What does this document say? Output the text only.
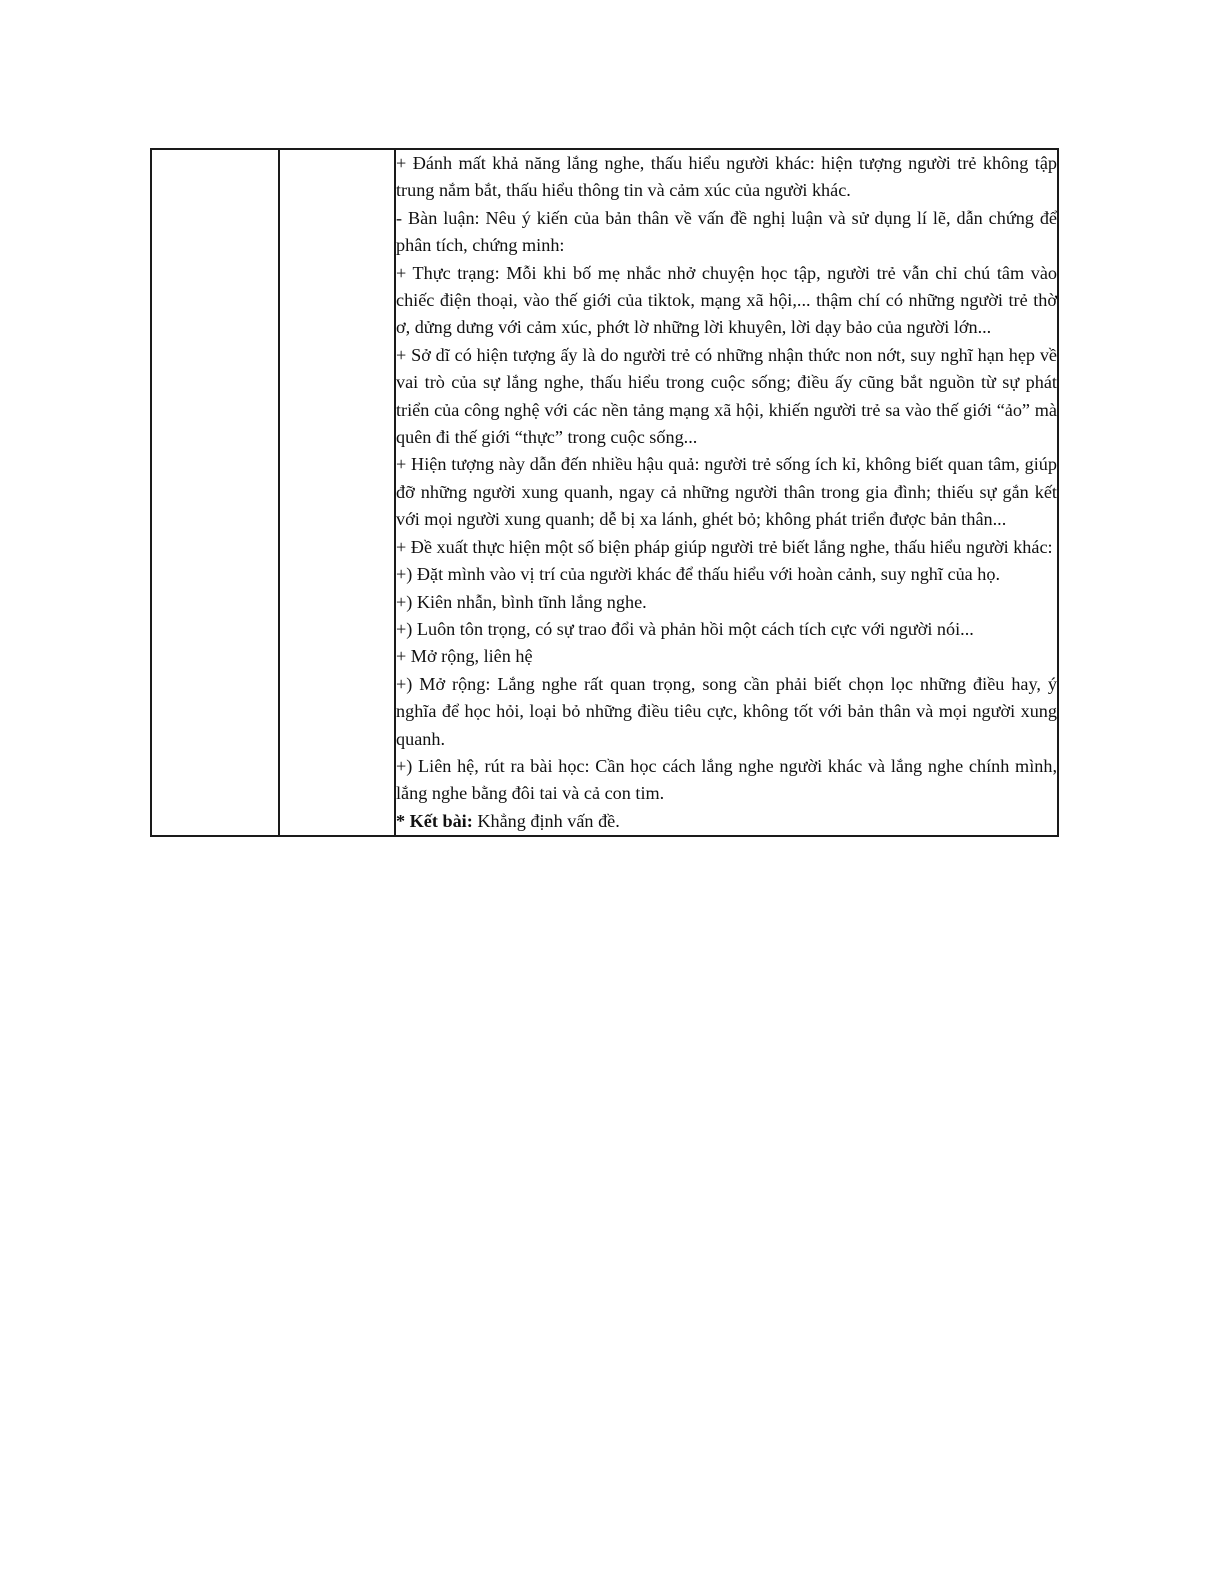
+ Đánh mất khả năng lắng nghe, thấu hiểu người khác: hiện tượng người trẻ không tập trung nắm bắt, thấu hiểu thông tin và cảm xúc của người khác.

- Bàn luận: Nêu ý kiến của bản thân về vấn đề nghị luận và sử dụng lí lẽ, dẫn chứng để phân tích, chứng minh:

+ Thực trạng: Mỗi khi bố mẹ nhắc nhở chuyện học tập, người trẻ vẫn chỉ chú tâm vào chiếc điện thoại, vào thế giới của tiktok, mạng xã hội,... thậm chí có những người trẻ thờ ơ, dửng dưng với cảm xúc, phớt lờ những lời khuyên, lời dạy bảo của người lớn...

+ Sở dĩ có hiện tượng ấy là do người trẻ có những nhận thức non nớt, suy nghĩ hạn hẹp về vai trò của sự lắng nghe, thấu hiểu trong cuộc sống; điều ấy cũng bắt nguồn từ sự phát triển của công nghệ với các nền tảng mạng xã hội, khiến người trẻ sa vào thế giới “ảo” mà quên đi thế giới “thực” trong cuộc sống...

+ Hiện tượng này dẫn đến nhiều hậu quả: người trẻ sống ích kỉ, không biết quan tâm, giúp đỡ những người xung quanh, ngay cả những người thân trong gia đình; thiếu sự gắn kết với mọi người xung quanh; dễ bị xa lánh, ghét bỏ; không phát triển được bản thân...

+ Đề xuất thực hiện một số biện pháp giúp người trẻ biết lắng nghe, thấu hiểu người khác:

+) Đặt mình vào vị trí của người khác để thấu hiểu với hoàn cảnh, suy nghĩ của họ.

+) Kiên nhẫn, bình tĩnh lắng nghe.

+) Luôn tôn trọng, có sự trao đổi và phản hồi một cách tích cực với người nói...

+ Mở rộng, liên hệ

+) Mở rộng: Lắng nghe rất quan trọng, song cần phải biết chọn lọc những điều hay, ý nghĩa để học hỏi, loại bỏ những điều tiêu cực, không tốt với bản thân và mọi người xung quanh.

+) Liên hệ, rút ra bài học: Cần học cách lắng nghe người khác và lắng nghe chính mình, lắng nghe bằng đôi tai và cả con tim.

* Kết bài: Khẳng định vấn đề.
